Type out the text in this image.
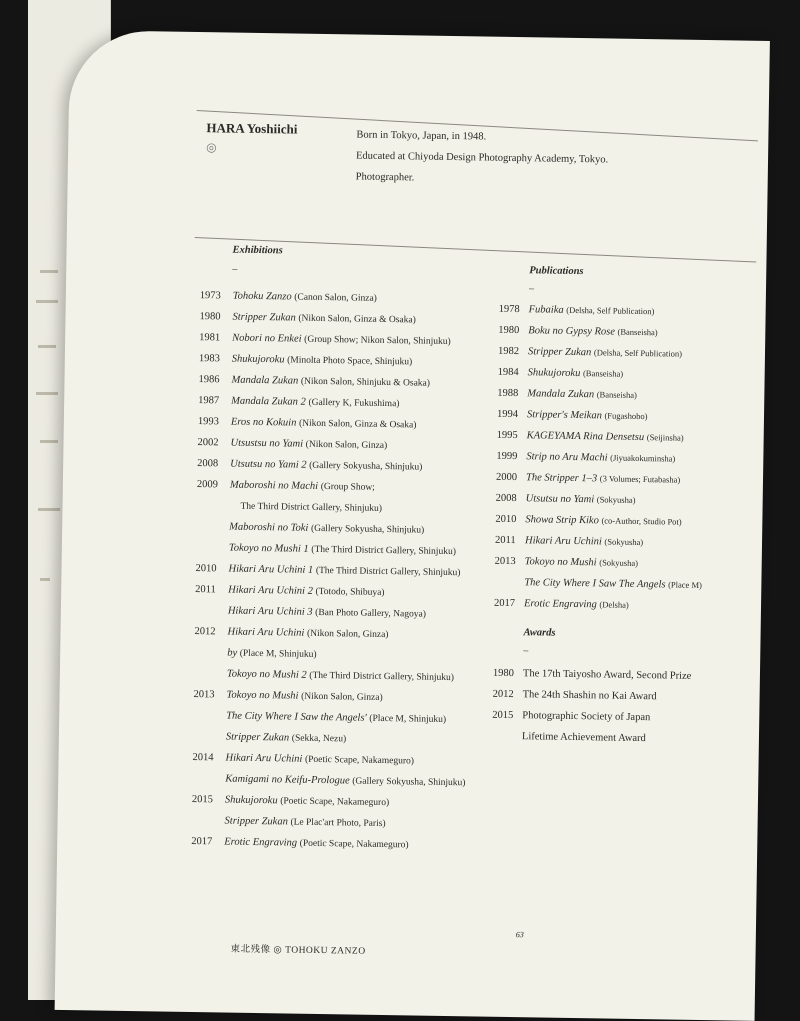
HARA Yoshiichi
◎
Born in Tokyo, Japan, in 1948.
Educated at Chiyoda Design Photography Academy, Tokyo.
Photographer.
Exhibitions
–
1973 Tohoku Zanzo (Canon Salon, Ginza)
1980 Stripper Zukan (Nikon Salon, Ginza & Osaka)
1981 Nobori no Enkei (Group Show; Nikon Salon, Shinjuku)
1983 Shukujoroku (Minolta Photo Space, Shinjuku)
1986 Mandala Zukan (Nikon Salon, Shinjuku & Osaka)
1987 Mandala Zukan 2 (Gallery K, Fukushima)
1993 Eros no Kokuin (Nikon Salon, Ginza & Osaka)
2002 Utsustsu no Yami (Nikon Salon, Ginza)
2008 Utsutsu no Yami 2 (Gallery Sokyusha, Shinjuku)
2009 Maboroshi no Machi (Group Show;
The Third District Gallery, Shinjuku)
Maboroshi no Toki (Gallery Sokyusha, Shinjuku)
Tokoyo no Mushi 1 (The Third District Gallery, Shinjuku)
2010 Hikari Aru Uchini 1 (The Third District Gallery, Shinjuku)
2011 Hikari Aru Uchini 2 (Totodo, Shibuya)
Hikari Aru Uchini 3 (Ban Photo Gallery, Nagoya)
2012 Hikari Aru Uchini (Nikon Salon, Ginza)
by (Place M, Shinjuku)
Tokoyo no Mushi 2 (The Third District Gallery, Shinjuku)
2013 Tokoyo no Mushi (Nikon Salon, Ginza)
The City Where I Saw the Angels' (Place M, Shinjuku)
Stripper Zukan (Sekka, Nezu)
2014 Hikari Aru Uchini (Poetic Scape, Nakameguro)
Kamigami no Keifu-Prologue (Gallery Sokyusha, Shinjuku)
2015 Shukujoroku (Poetic Scape, Nakameguro)
Stripper Zukan (Le Plac'art Photo, Paris)
2017 Erotic Engraving (Poetic Scape, Nakameguro)
Publications
–
1978 Fubaika (Delsha, Self Publication)
1980 Boku no Gypsy Rose (Banseisha)
1982 Stripper Zukan (Delsha, Self Publication)
1984 Shukujoroku (Banseisha)
1988 Mandala Zukan (Banseisha)
1994 Stripper's Meikan (Fugashobo)
1995 KAGEYAMA Rina Densetsu (Seijinsha)
1999 Strip no Aru Machi (Jiyuakokuminsha)
2000 The Stripper 1–3 (3 Volumes; Futabasha)
2008 Utsutsu no Yami (Sokyusha)
2010 Showa Strip Kiko (co-Author, Studio Pot)
2011 Hikari Aru Uchini (Sokyusha)
2013 Tokoyo no Mushi (Sokyusha)
The City Where I Saw The Angels (Place M)
2017 Erotic Engraving (Delsha)
Awards
–
1980 The 17th Taiyosho Award, Second Prize
2012 The 24th Shashin no Kai Award
2015 Photographic Society of Japan
Lifetime Achievement Award
東北残像 ◎ TOHOKU ZANZO
63
